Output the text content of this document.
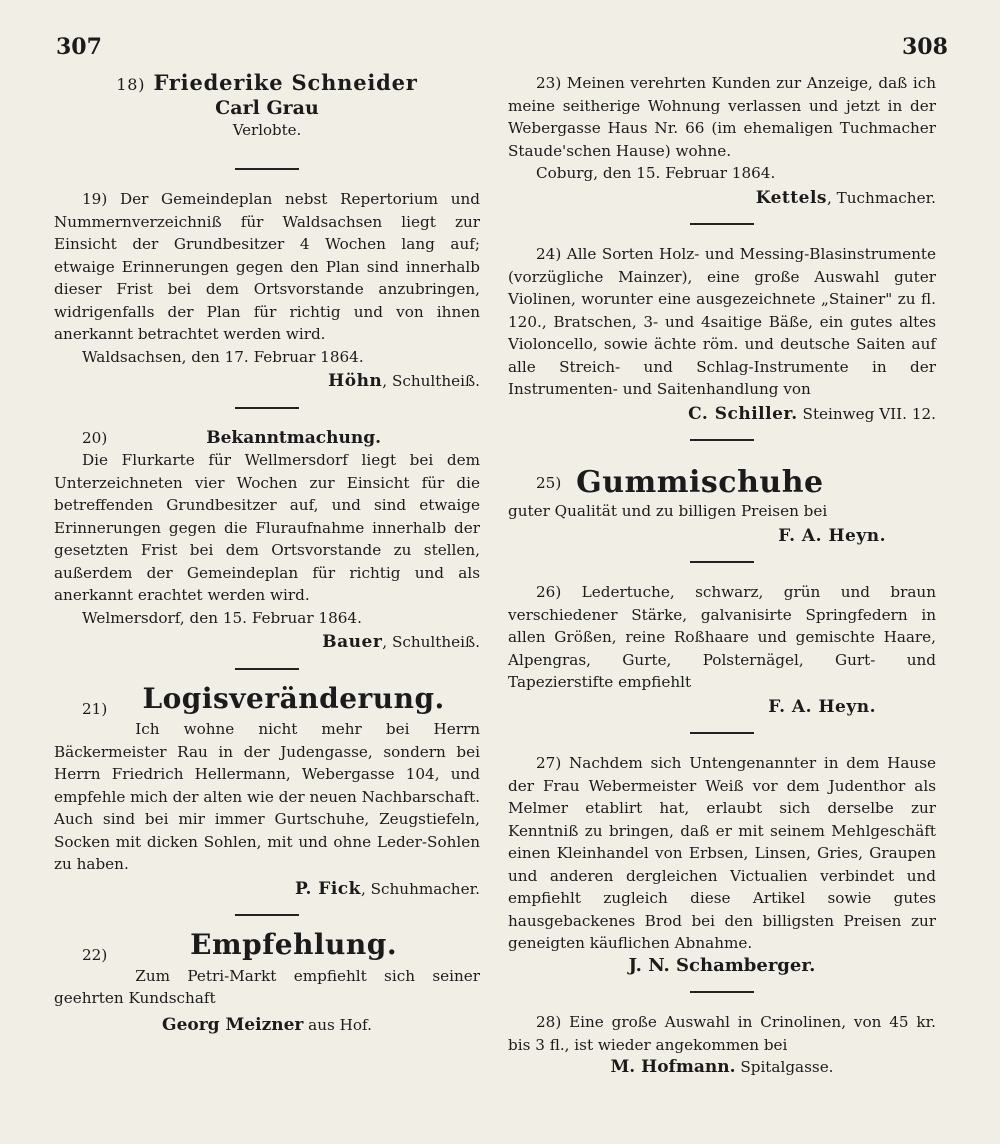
307	308
18) Friederike Schneider
Carl Grau
Verlobte.

19) Der Gemeindeplan nebst Repertorium und Nummernverzeichniß für Waldsachsen liegt zur Einsicht der Grundbesitzer 4 Wochen lang auf; etwaige Erinnerungen gegen den Plan sind innerhalb dieser Frist bei dem Ortsvorstande anzubringen, widrigenfalls der Plan für richtig und von ihnen anerkannt betrachtet werden wird.

Waldsachsen, den 17. Februar 1864.

Höhn, Schultheiß.
20)	Bekanntmachung.

Die Flurkarte für Wellmersdorf liegt bei dem Unterzeichneten vier Wochen zur Einsicht für die betreffenden Grundbesitzer auf, und sind etwaige Erinnerungen gegen die Fluraufnahme innerhalb der gesetzten Frist bei dem Ortsvorstande zu stellen, außerdem der Gemeindeplan für richtig und als anerkannt erachtet werden wird.

Welmersdorf, den 15. Februar 1864.

Bauer, Schultheiß.
21) Logisveränderung.

Ich wohne nicht mehr bei Herrn Bäckermeister Rau in der Judengasse, sondern bei Herrn Friedrich Hellermann, Webergasse 104, und empfehle mich der alten wie der neuen Nachbarschaft. Auch sind bei mir immer Gurtschuhe, Zeugstiefeln, Socken mit dicken Sohlen, mit und ohne Leder-Sohlen zu haben.

P. Fick, Schuhmacher.
22)	Empfehlung.

Zum Petri-Markt empfiehlt sich seiner geehrten Kundschaft

Georg Meizner aus Hof.

23) Meinen verehrten Kunden zur Anzeige, daß ich meine seitherige Wohnung verlassen und jetzt in der Webergasse Haus Nr. 66 (im ehemaligen Tuchmacher Staude'schen Hause) wohne.

Coburg, den 15. Februar 1864.

Kettels, Tuchmacher.

24) Alle Sorten Holz- und Messing-Blasinstrumente (vorzügliche Mainzer), eine große Auswahl guter Violinen, worunter eine ausgezeichnete „Stainer" zu fl. 120., Bratschen, 3- und 4saitige Bäße, ein gutes altes Violoncello, sowie ächte röm. und deutsche Saiten auf alle Streich- und Schlag-Instrumente in der Instrumenten- und Saitenhandlung von

C. Schiller. Steinweg VII. 12.
25) Gummischuhe

guter Qualität und zu billigen Preisen bei

F. A. Heyn.

26) Ledertuche, schwarz, grün und braun verschiedener Stärke, galvanisirte Springfedern in allen Größen, reine Roßhaare und gemischte Haare, Alpengras, Gurte, Polsternägel, Gurt- und Tapezierstifte empfiehlt

F. A. Heyn.

27) Nachdem sich Untengenannter in dem Hause der Frau Webermeister Weiß vor dem Judenthor als Melmer etablirt hat, erlaubt sich derselbe zur Kenntniß zu bringen, daß er mit seinem Mehlgeschäft einen Kleinhandel von Erbsen, Linsen, Gries, Graupen und anderen dergleichen Victualien verbindet und empfiehlt zugleich diese Artikel sowie gutes hausgebackenes Brod bei den billigsten Preisen zur geneigten käuflichen Abnahme.

J. N. Schamberger.

28) Eine große Auswahl in Crinolinen, von 45 kr. bis 3 fl., ist wieder angekommen bei

M. Hofmann. Spitalgasse.
